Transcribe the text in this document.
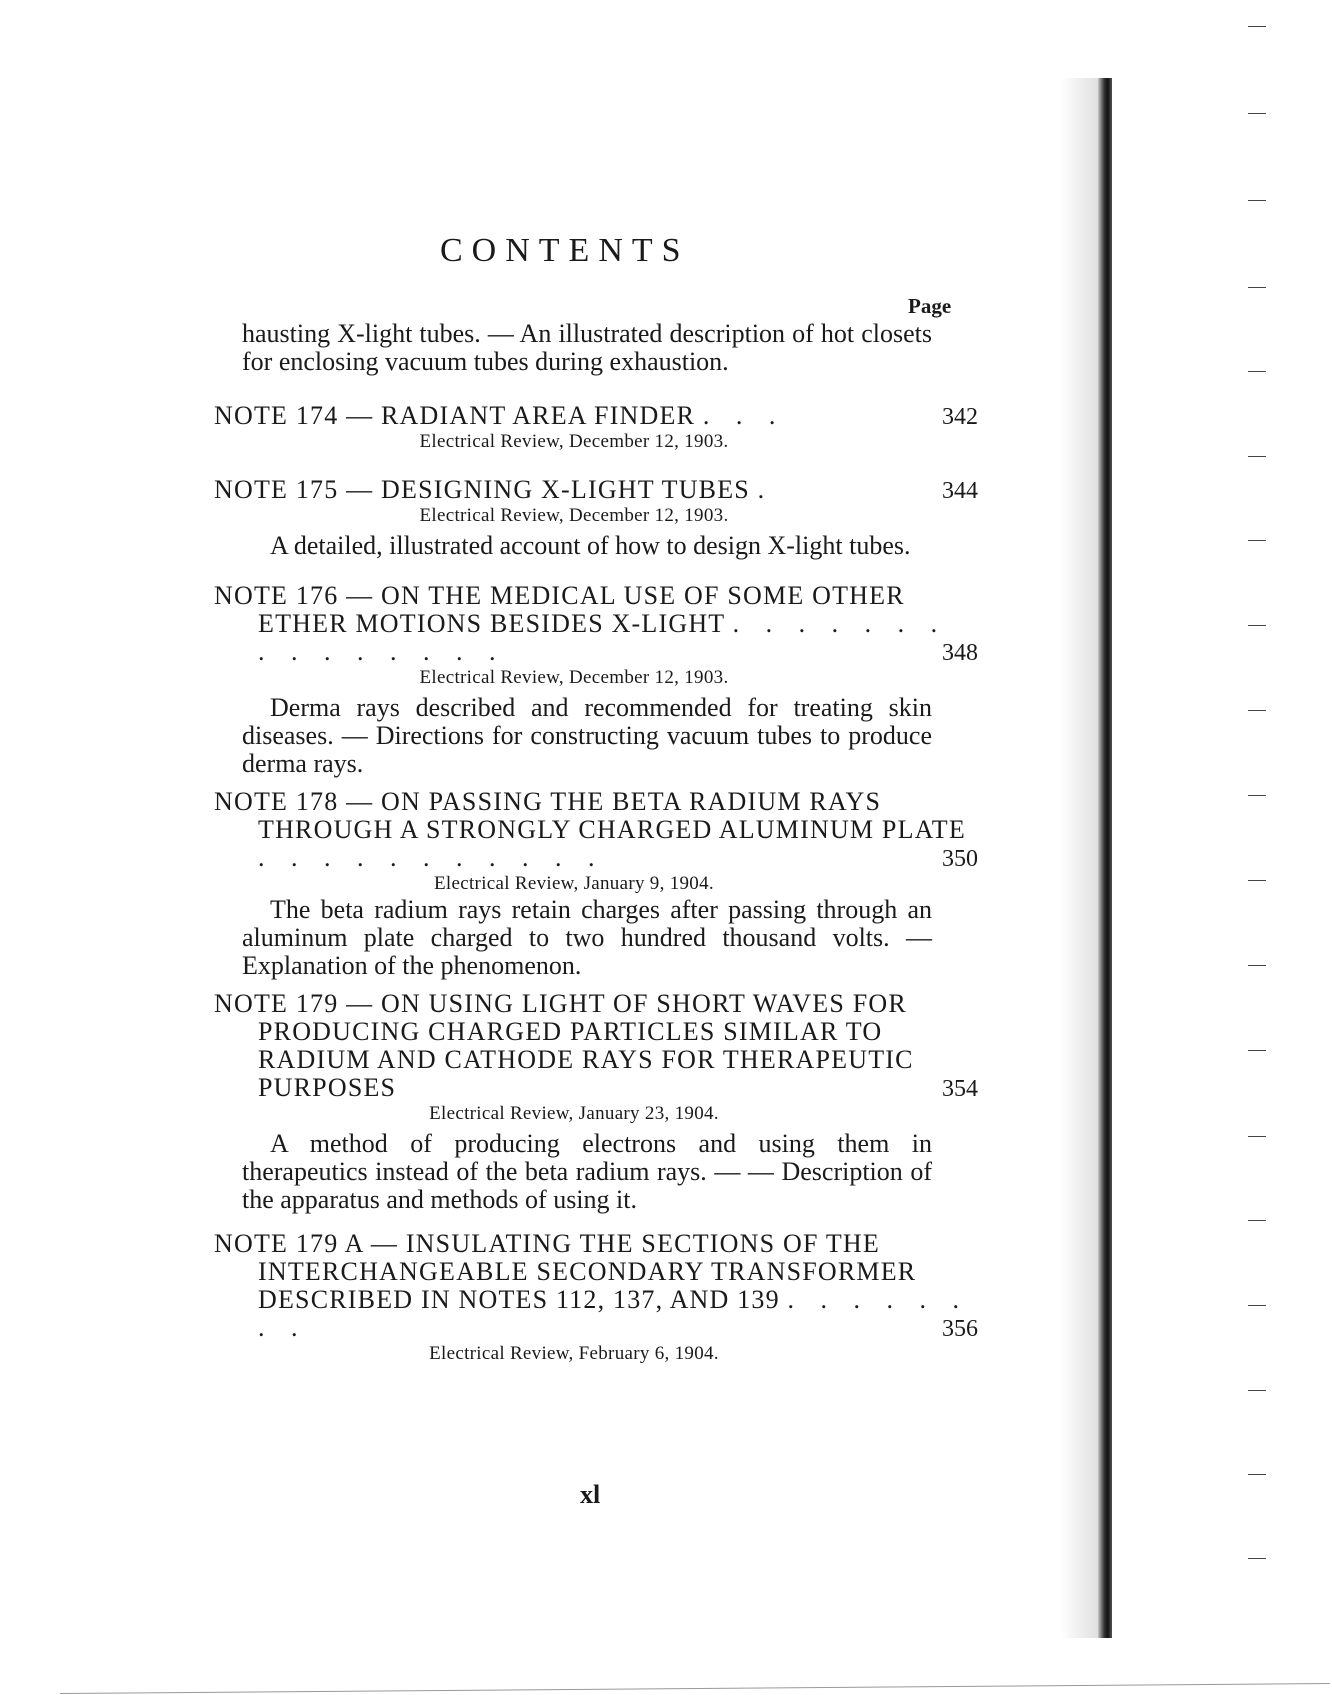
CONTENTS
Page

hausting X-light tubes. — An illustrated description of hot closets for enclosing vacuum tubes during exhaustion.

NOTE 174 — RADIANT AREA FINDER . . .	342

Electrical Review, December 12, 1903.

NOTE 175 — DESIGNING X-LIGHT TUBES .	344

Electrical Review, December 12, 1903.

A detailed, illustrated account of how to design X-light tubes.

NOTE 176 — ON THE MEDICAL USE OF SOME OTHER ETHER MOTIONS BESIDES X-LIGHT . . . . . . . . . . . . . . .	348

Electrical Review, December 12, 1903.

Derma rays described and recommended for treating skin diseases. — Directions for constructing vacuum tubes to produce derma rays.

NOTE 178 — ON PASSING THE BETA RADIUM RAYS THROUGH A STRONGLY CHARGED ALUMINUM PLATE . . . . . . . . . . .	350

Electrical Review, January 9, 1904.

The beta radium rays retain charges after passing through an aluminum plate charged to two hundred thousand volts. — Explanation of the phenomenon.

NOTE 179 — ON USING LIGHT OF SHORT WAVES FOR PRODUCING CHARGED PARTICLES SIMILAR TO RADIUM AND CATHODE RAYS FOR THERAPEUTIC PURPOSES	354

Electrical Review, January 23, 1904.

A method of producing electrons and using them in therapeutics instead of the beta radium rays. — — Description of the apparatus and methods of using it.

NOTE 179 A — INSULATING THE SECTIONS OF THE INTERCHANGEABLE SECONDARY TRANSFORMER DESCRIBED IN NOTES 112, 137, AND 139 . . . . . . . .	356

Electrical Review, February 6, 1904.

xl
